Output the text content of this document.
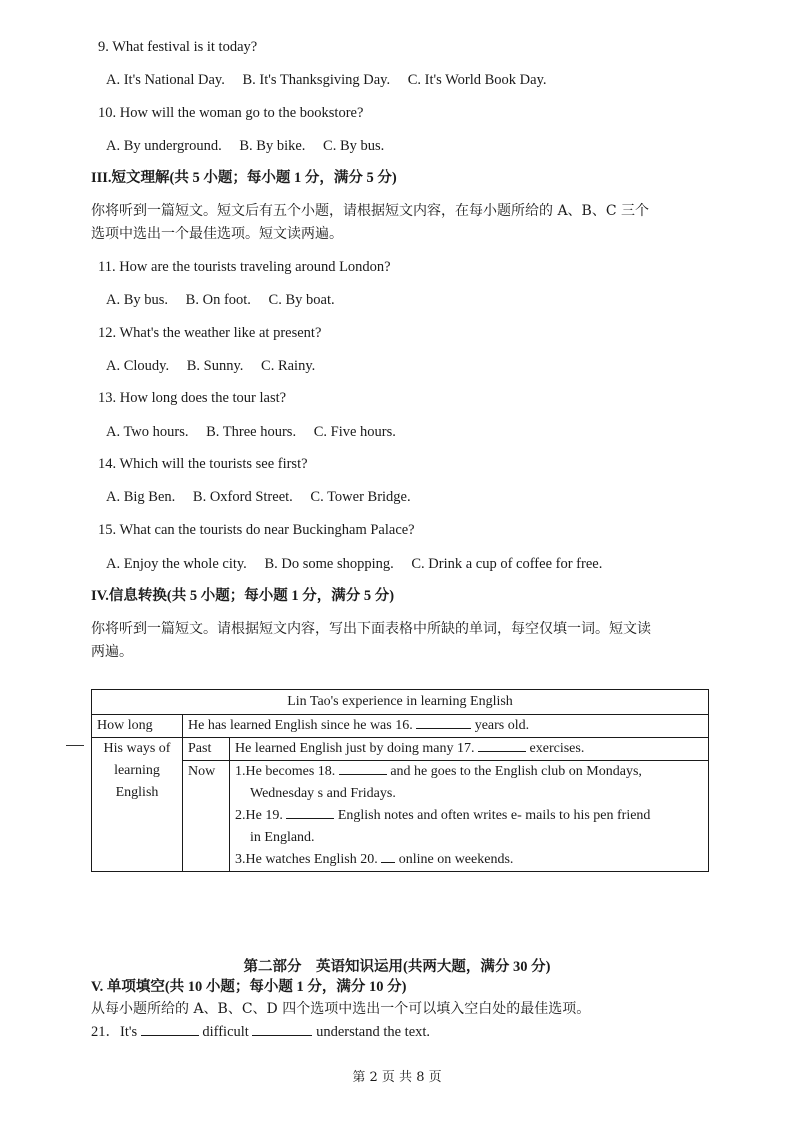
9. What festival is it today?
A. It's National Day. B. It's Thanksgiving Day. C. It's World Book Day.
10. How will the woman go to the bookstore?
A. By underground. B. By bike. C. By bus.
III.短文理解(共 5 小题；每小题 1 分，满分 5 分)
你将听到一篇短文。短文后有五个小题，请根据短文内容，在每小题所给的 A、B、C 三个
选项中选出一个最佳选项。短文读两遍。
11. How are the tourists traveling around London?
A. By bus. B. On foot. C. By boat.
12. What's the weather like at present?
A. Cloudy. B. Sunny. C. Rainy.
13. How long does the tour last?
A. Two hours. B. Three hours. C. Five hours.
14. Which will the tourists see first?
A. Big Ben. B. Oxford Street. C. Tower Bridge.
15. What can the tourists do near Buckingham Palace?
A. Enjoy the whole city. B. Do some shopping. C. Drink a cup of coffee for free.
IV.信息转换(共 5 小题；每小题 1 分，满分 5 分)
你将听到一篇短文。请根据短文内容，写出下面表格中所缺的单词，每空仅填一词。短文读
两遍。
Lin Tao's experience in learning English		
How long	He has learned English since he was 16. years old.	

His ways of
learning
English	Past	He learned English just by doing many 17. exercises.
	Now	1.He becomes 18. and he goes to the English club on Mondays,
Wednesday s and Fridays.
2.He 19. English notes and often writes e- mails to his pen friend
in England.
3.He watches English 20. online on weekends.
第二部分　英语知识运用(共两大题，满分 30 分)
V. 单项填空(共 10 小题；每小题 1 分，满分 10 分)
从每小题所给的 A、B、C、D 四个选项中选出一个可以填入空白处的最佳选项。
21．It's	difficult	understand the text.
第 2 页 共 8 页
